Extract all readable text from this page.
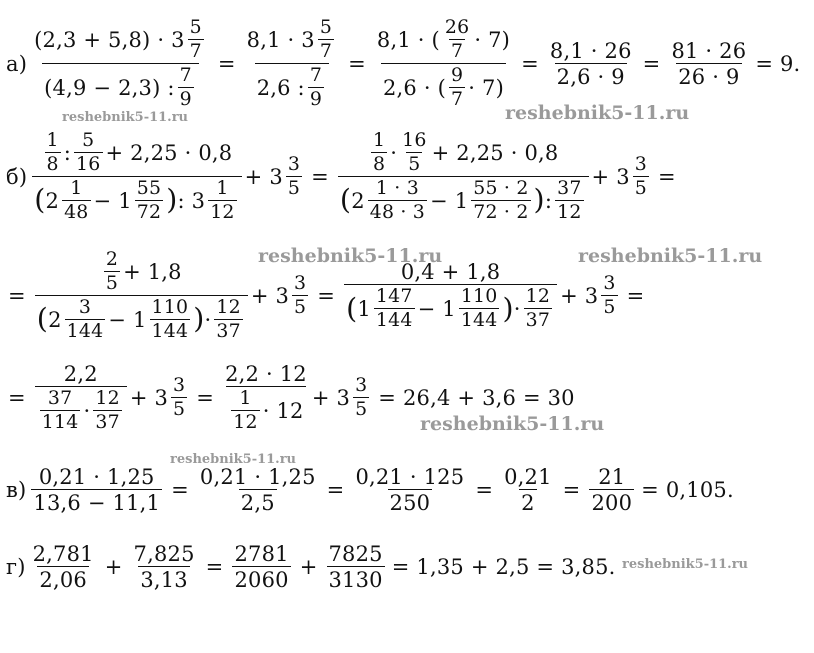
$а) \frac{(2,3 + 5,8) \cdot 3 \frac{5}{7}}{(4,9 - 2,3) : \frac{7}{9}} = \frac{8,1 \cdot 3 \frac{5}{7}}{2,6 : \frac{7}{9}} = \frac{8,1 \cdot ( \frac{26}{7} \cdot 7)}{2,6 \cdot ( \frac{9}{7} \cdot 7)} = \frac{8,1 \cdot 26}{2,6 \cdot 9} = \frac{81 \cdot 26}{26 \cdot 9} = 9$.
б)
$\frac{1}{8}$ : $\frac{5}{16} + 2,25 \cdot 0,8$
( $2 \frac{1}{48} - 1 \frac{55}{72}$ ) : $3 \frac{1}{12}$
+ $3 \frac{3}{5}$ =
$\frac{1}{8} \cdot \frac{16}{5} + 2,25 \cdot 0,8$
( $2 \frac{1 \cdot 3}{48 \cdot 3} - 1 \frac{55 \cdot 2}{72 \cdot 2}$ ) : $\frac{37}{12}$
+ $3 \frac{3}{5}$ =
=
$\frac{2}{5} + 1,8$
( $2 \frac{3}{144} - 1 \frac{110}{144}$ ) · $\frac{12}{37}$
+ $3 \frac{3}{5}$ =
0,4 + 1,8
( $1 \frac{147}{144} - 1 \frac{110}{144}$ ) · $\frac{12}{37} + 3 \frac{3}{5}$ =
= $\frac{2,2}{\frac{37}{114} \cdot \frac{12}{37}} + 3 \frac{3}{5} = \frac{2,2 \cdot 12}{\frac{1}{12} \cdot 12} + 3 \frac{3}{5} = 26,4 + 3,6 = 30$
$в) \frac{0,21 \cdot 1,25}{13,6 - 11,1} = \frac{0,21 \cdot 1,25}{2,5} = \frac{0,21 \cdot 125}{250} = \frac{0,21}{2} = \frac{21}{200} = 0,105$.
$г) \frac{2,781}{2,06} + \frac{7,825}{3,13} = \frac{2781}{2060} + \frac{7825}{3130} = 1,35 + 2,5 = 3,85$.
reshebnik5-11.ru	reshebnik5-11.ru
reshebnik5-11.ru	reshebnik5-11.ru
reshebnik5-11.ru
reshebnik5-11.ru
reshebnik5-11.ru
